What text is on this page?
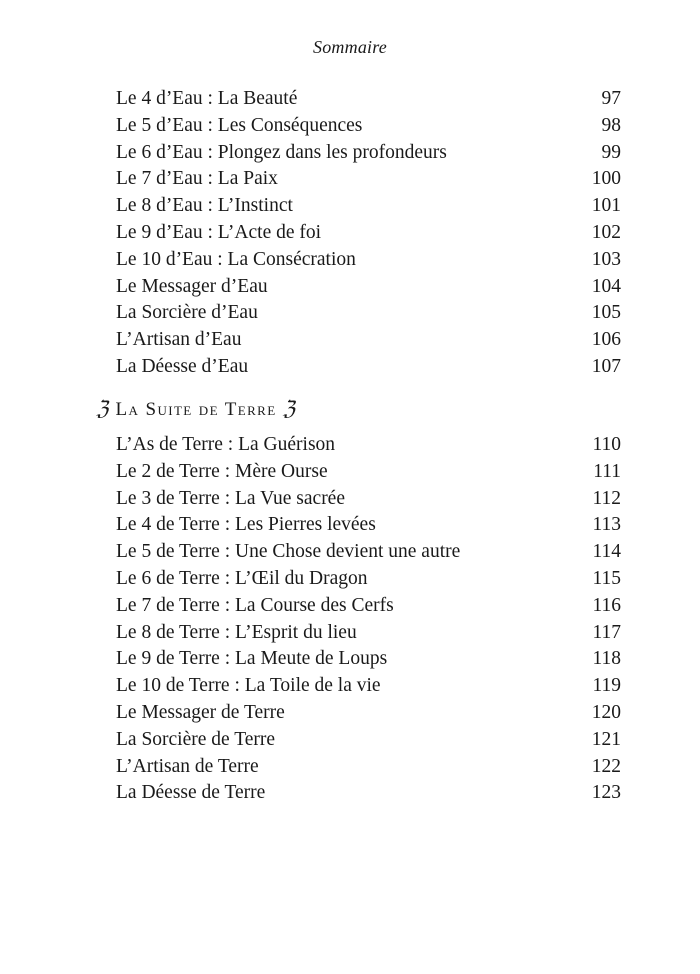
Sommaire
Le 4 d’Eau : La Beauté	97
Le 5 d’Eau : Les Conséquences	98
Le 6 d’Eau : Plongez dans les profondeurs	99
Le 7 d’Eau : La Paix	100
Le 8 d’Eau : L’Instinct	101
Le 9 d’Eau : L’Acte de foi	102
Le 10 d’Eau : La Consécration	103
Le Messager d’Eau	104
La Sorcière d’Eau	105
L’Artisan d’Eau	106
La Déesse d’Eau	107
ℨ La Suite de Terre ℨ
L’As de Terre : La Guérison	110
Le 2 de Terre : Mère Ourse	111
Le 3 de Terre : La Vue sacrée	112
Le 4 de Terre : Les Pierres levées	113
Le 5 de Terre : Une Chose devient une autre	114
Le 6 de Terre : L’Œil du Dragon	115
Le 7 de Terre : La Course des Cerfs	116
Le 8 de Terre : L’Esprit du lieu	117
Le 9 de Terre : La Meute de Loups	118
Le 10 de Terre : La Toile de la vie	119
Le Messager de Terre	120
La Sorcière de Terre	121
L’Artisan de Terre	122
La Déesse de Terre	123
